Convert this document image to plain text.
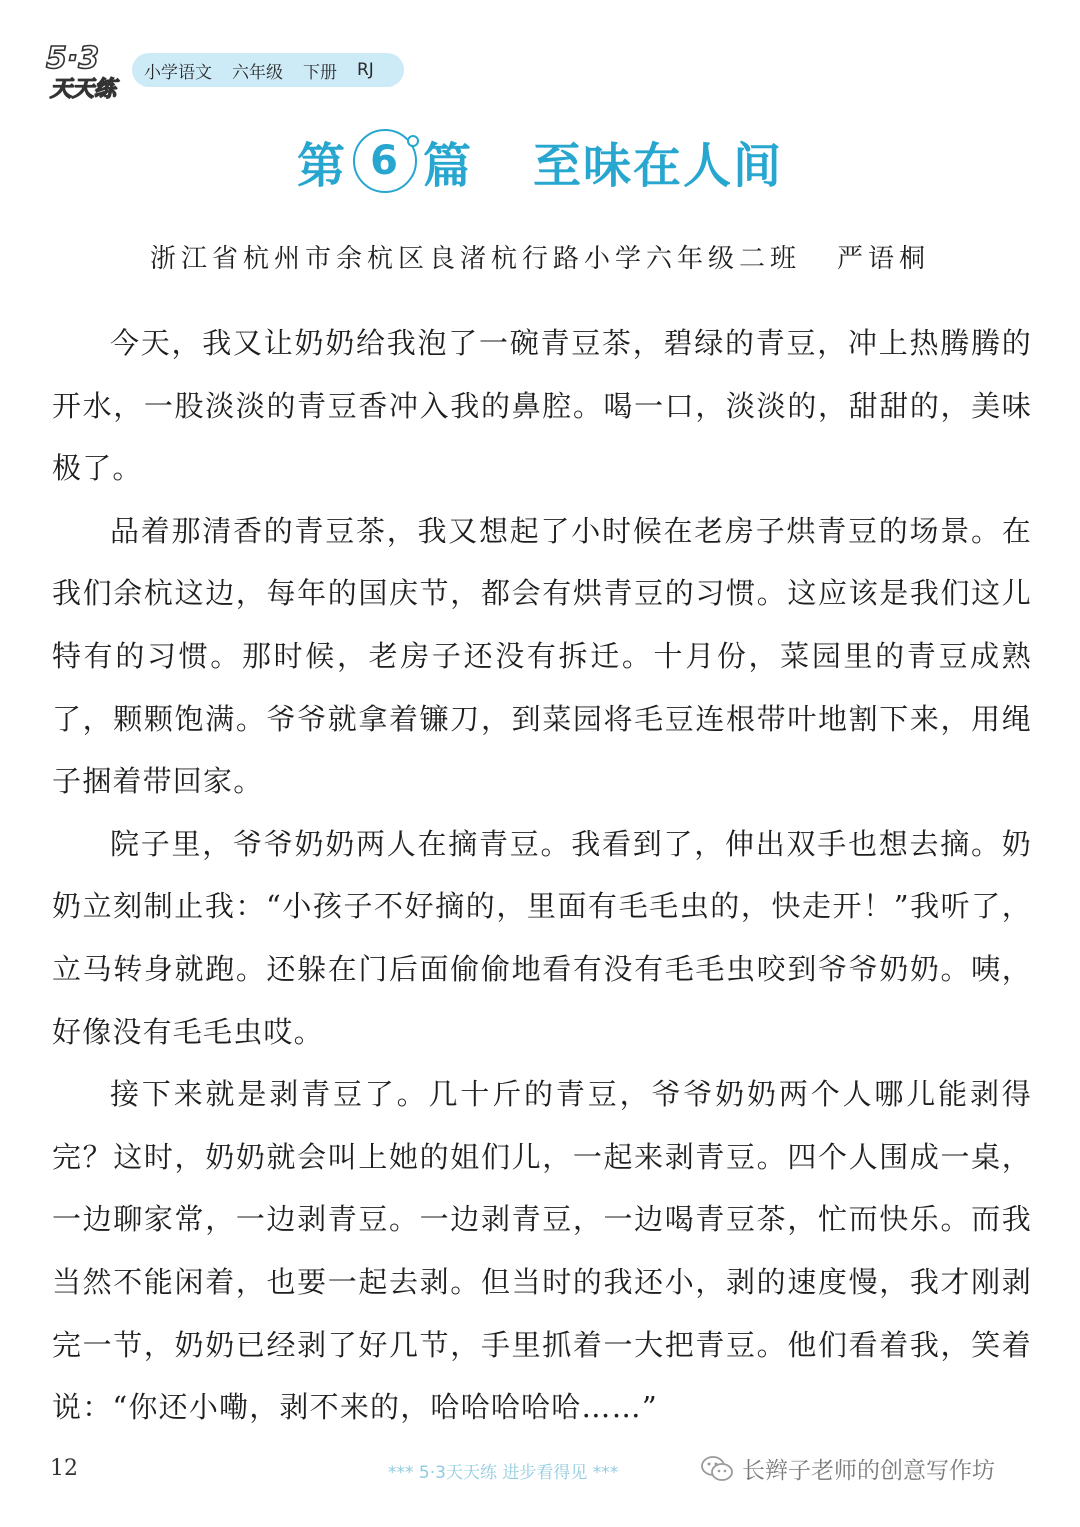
5·3
天天练
小学语文 六年级 下册 RJ
第 6 篇 至味在人间
浙江省杭州市余杭区良渚杭行路小学六年级二班 严语桐

今天，我又让奶奶给我泡了一碗青豆茶，碧绿的青豆，冲上热腾腾的开水，一股淡淡的青豆香冲入我的鼻腔。喝一口，淡淡的，甜甜的，美味极了。

品着那清香的青豆茶，我又想起了小时候在老房子烘青豆的场景。在我们余杭这边，每年的国庆节，都会有烘青豆的习惯。这应该是我们这儿特有的习惯。那时候，老房子还没有拆迁。十月份，菜园里的青豆成熟了，颗颗饱满。爷爷就拿着镰刀，到菜园将毛豆连根带叶地割下来，用绳子捆着带回家。

院子里，爷爷奶奶两人在摘青豆。我看到了，伸出双手也想去摘。奶奶立刻制止我：“小孩子不好摘的，里面有毛毛虫的，快走开！”我听了，立马转身就跑。还躲在门后面偷偷地看有没有毛毛虫咬到爷爷奶奶。咦，好像没有毛毛虫哎。

接下来就是剥青豆了。几十斤的青豆，爷爷奶奶两个人哪儿能剥得完？这时，奶奶就会叫上她的姐们儿，一起来剥青豆。四个人围成一桌，一边聊家常，一边剥青豆。一边剥青豆，一边喝青豆茶，忙而快乐。而我当然不能闲着，也要一起去剥。但当时的我还小，剥的速度慢，我才刚剥完一节，奶奶已经剥了好几节，手里抓着一大把青豆。他们看着我，笑着说：“你还小嘞，剥不来的，哈哈哈哈哈……”

12	*** 5·3天天练 进步看得见 ***	长辫子老师的创意写作坊
